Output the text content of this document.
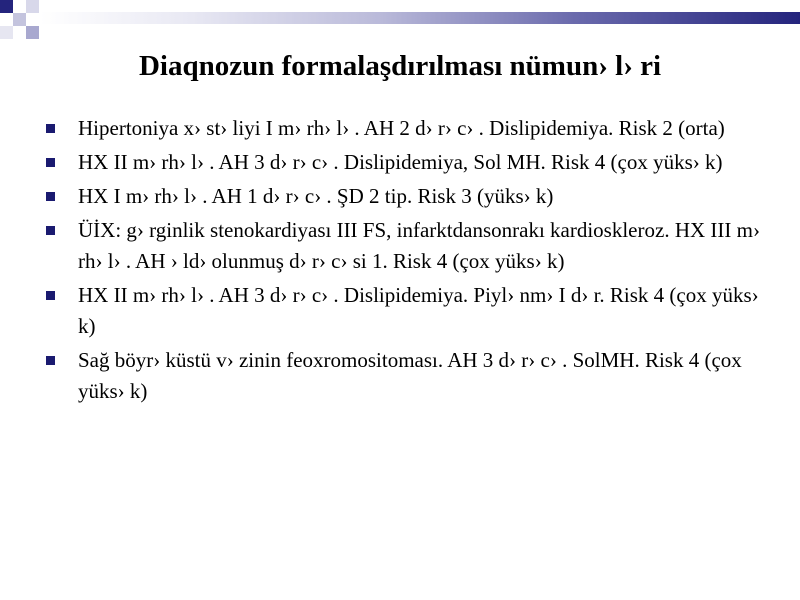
Diaqnozun formalaşdırılması nümun› l› ri
Hipertoniya x› st› liyi I m› rh› l› . AH 2 d› r› c› . Dislipidemiya. Risk 2 (orta)
HX II m› rh› l› . AH 3 d› r› c› . Dislipidemiya, Sol MH. Risk 4 (çox yüks› k)
HX I m› rh› l› . AH 1 d› r› c› . ŞD 2 tip. Risk 3 (yüks› k)
ÜİX: g› rginlik stenokardiyası III FS, infarktdansonrakı kardioskleroz. HX III m› rh› l› . AH › ld› olunmuş d› r› c› si 1. Risk 4 (çox yüks› k)
HX II m› rh› l› . AH 3 d› r› c› . Dislipidemiya. Piyl› nm› I d› r. Risk 4 (çox yüks› k)
Sağ böyr› küstü v› zinin feoxromositoması. AH 3 d› r› c› . SolMH. Risk 4 (çox yüks› k)
